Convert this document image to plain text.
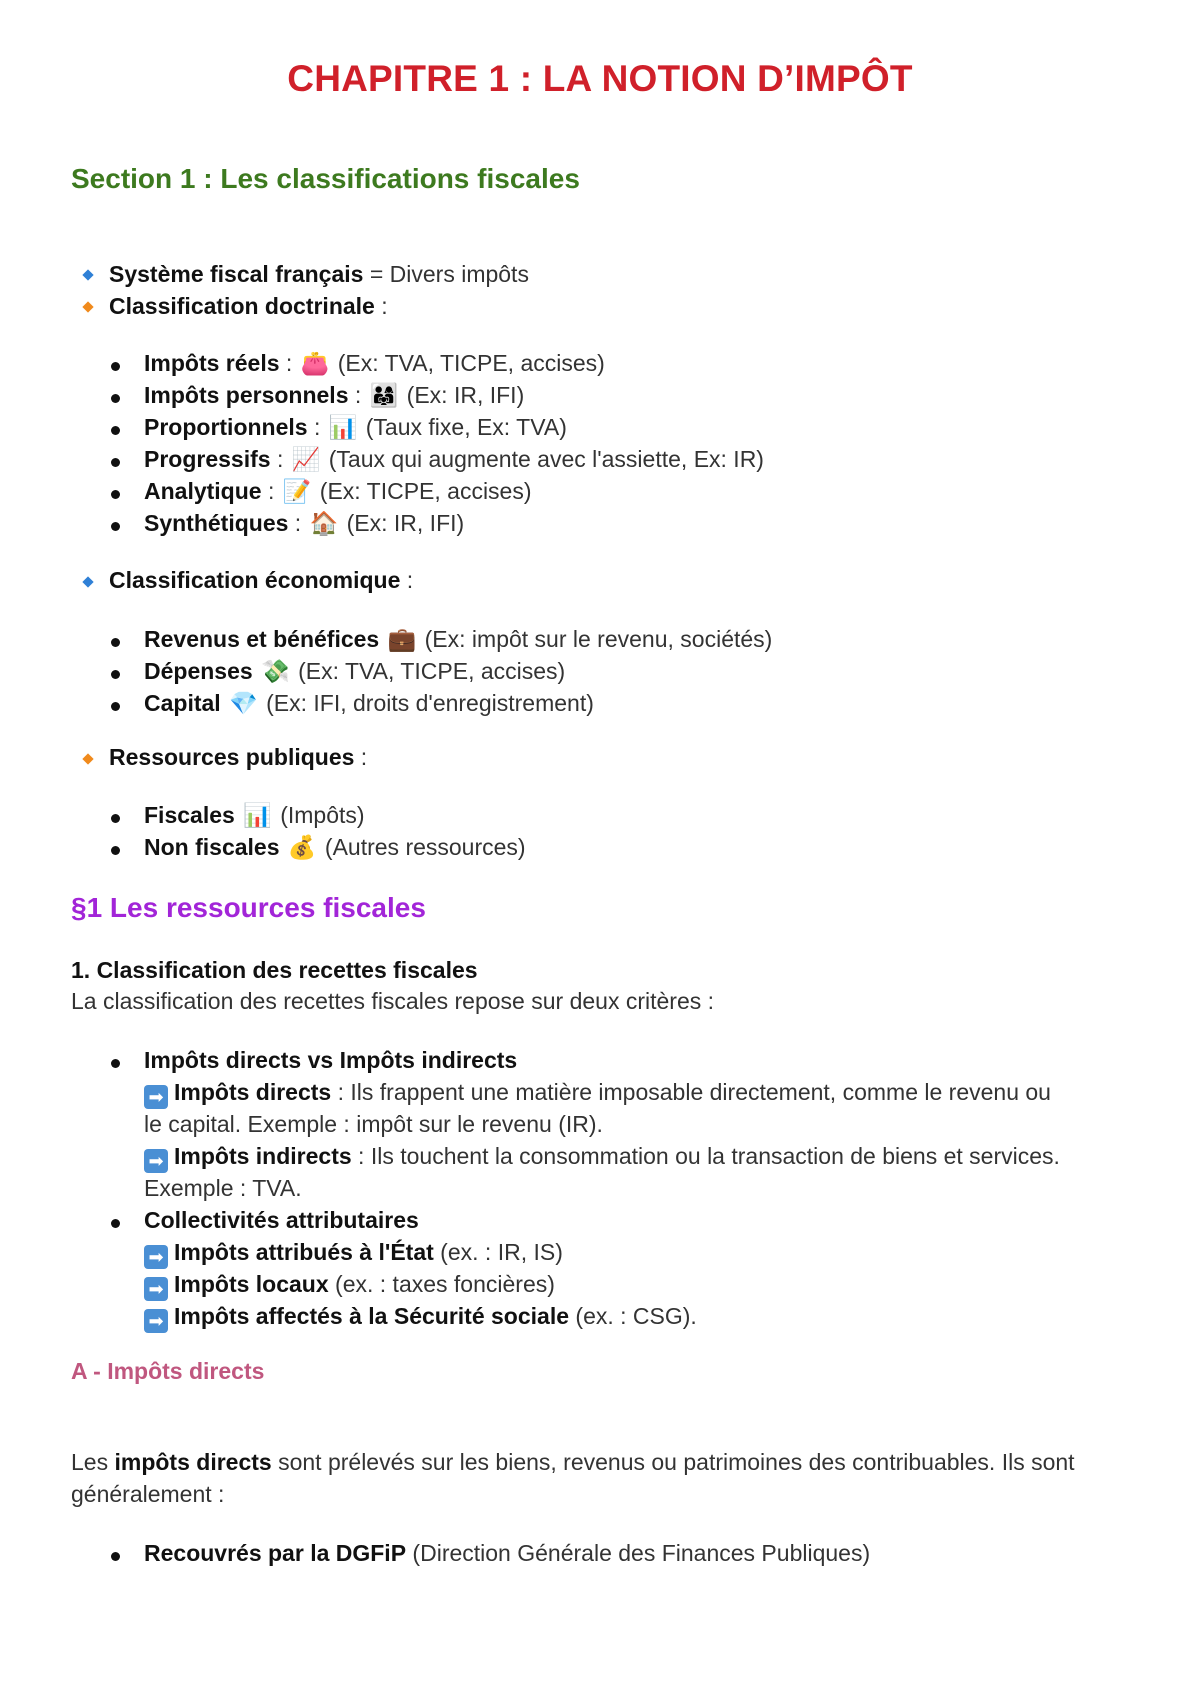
CHAPITRE 1 : LA NOTION D’IMPÔT
Section 1 : Les classifications fiscales
Système fiscal français = Divers impôts
Classification doctrinale :
Impôts réels : 👛 (Ex: TVA, TICPE, accises)
Impôts personnels : 👨‍👩‍👧 (Ex: IR, IFI)
Proportionnels : 📊 (Taux fixe, Ex: TVA)
Progressifs : 📈 (Taux qui augmente avec l'assiette, Ex: IR)
Analytique : 📝 (Ex: TICPE, accises)
Synthétiques : 🏠 (Ex: IR, IFI)
Classification économique :
Revenus et bénéfices 💼 (Ex: impôt sur le revenu, sociétés)
Dépenses 💸 (Ex: TVA, TICPE, accises)
Capital 💎 (Ex: IFI, droits d'enregistrement)
Ressources publiques :
Fiscales 📊 (Impôts)
Non fiscales 💰 (Autres ressources)
§1 Les ressources fiscales
1. Classification des recettes fiscales
La classification des recettes fiscales repose sur deux critères :
Impôts directs vs Impôts indirects
➡ Impôts directs : Ils frappent une matière imposable directement, comme le revenu ou
le capital. Exemple : impôt sur le revenu (IR).
➡ Impôts indirects : Ils touchent la consommation ou la transaction de biens et services.
Exemple : TVA.
Collectivités attributaires
➡ Impôts attribués à l'État (ex. : IR, IS)
➡ Impôts locaux (ex. : taxes foncières)
➡ Impôts affectés à la Sécurité sociale (ex. : CSG).
A - Impôts directs
Les impôts directs sont prélevés sur les biens, revenus ou patrimoines des contribuables. Ils sont
généralement :
Recouvrés par la DGFiP (Direction Générale des Finances Publiques)
